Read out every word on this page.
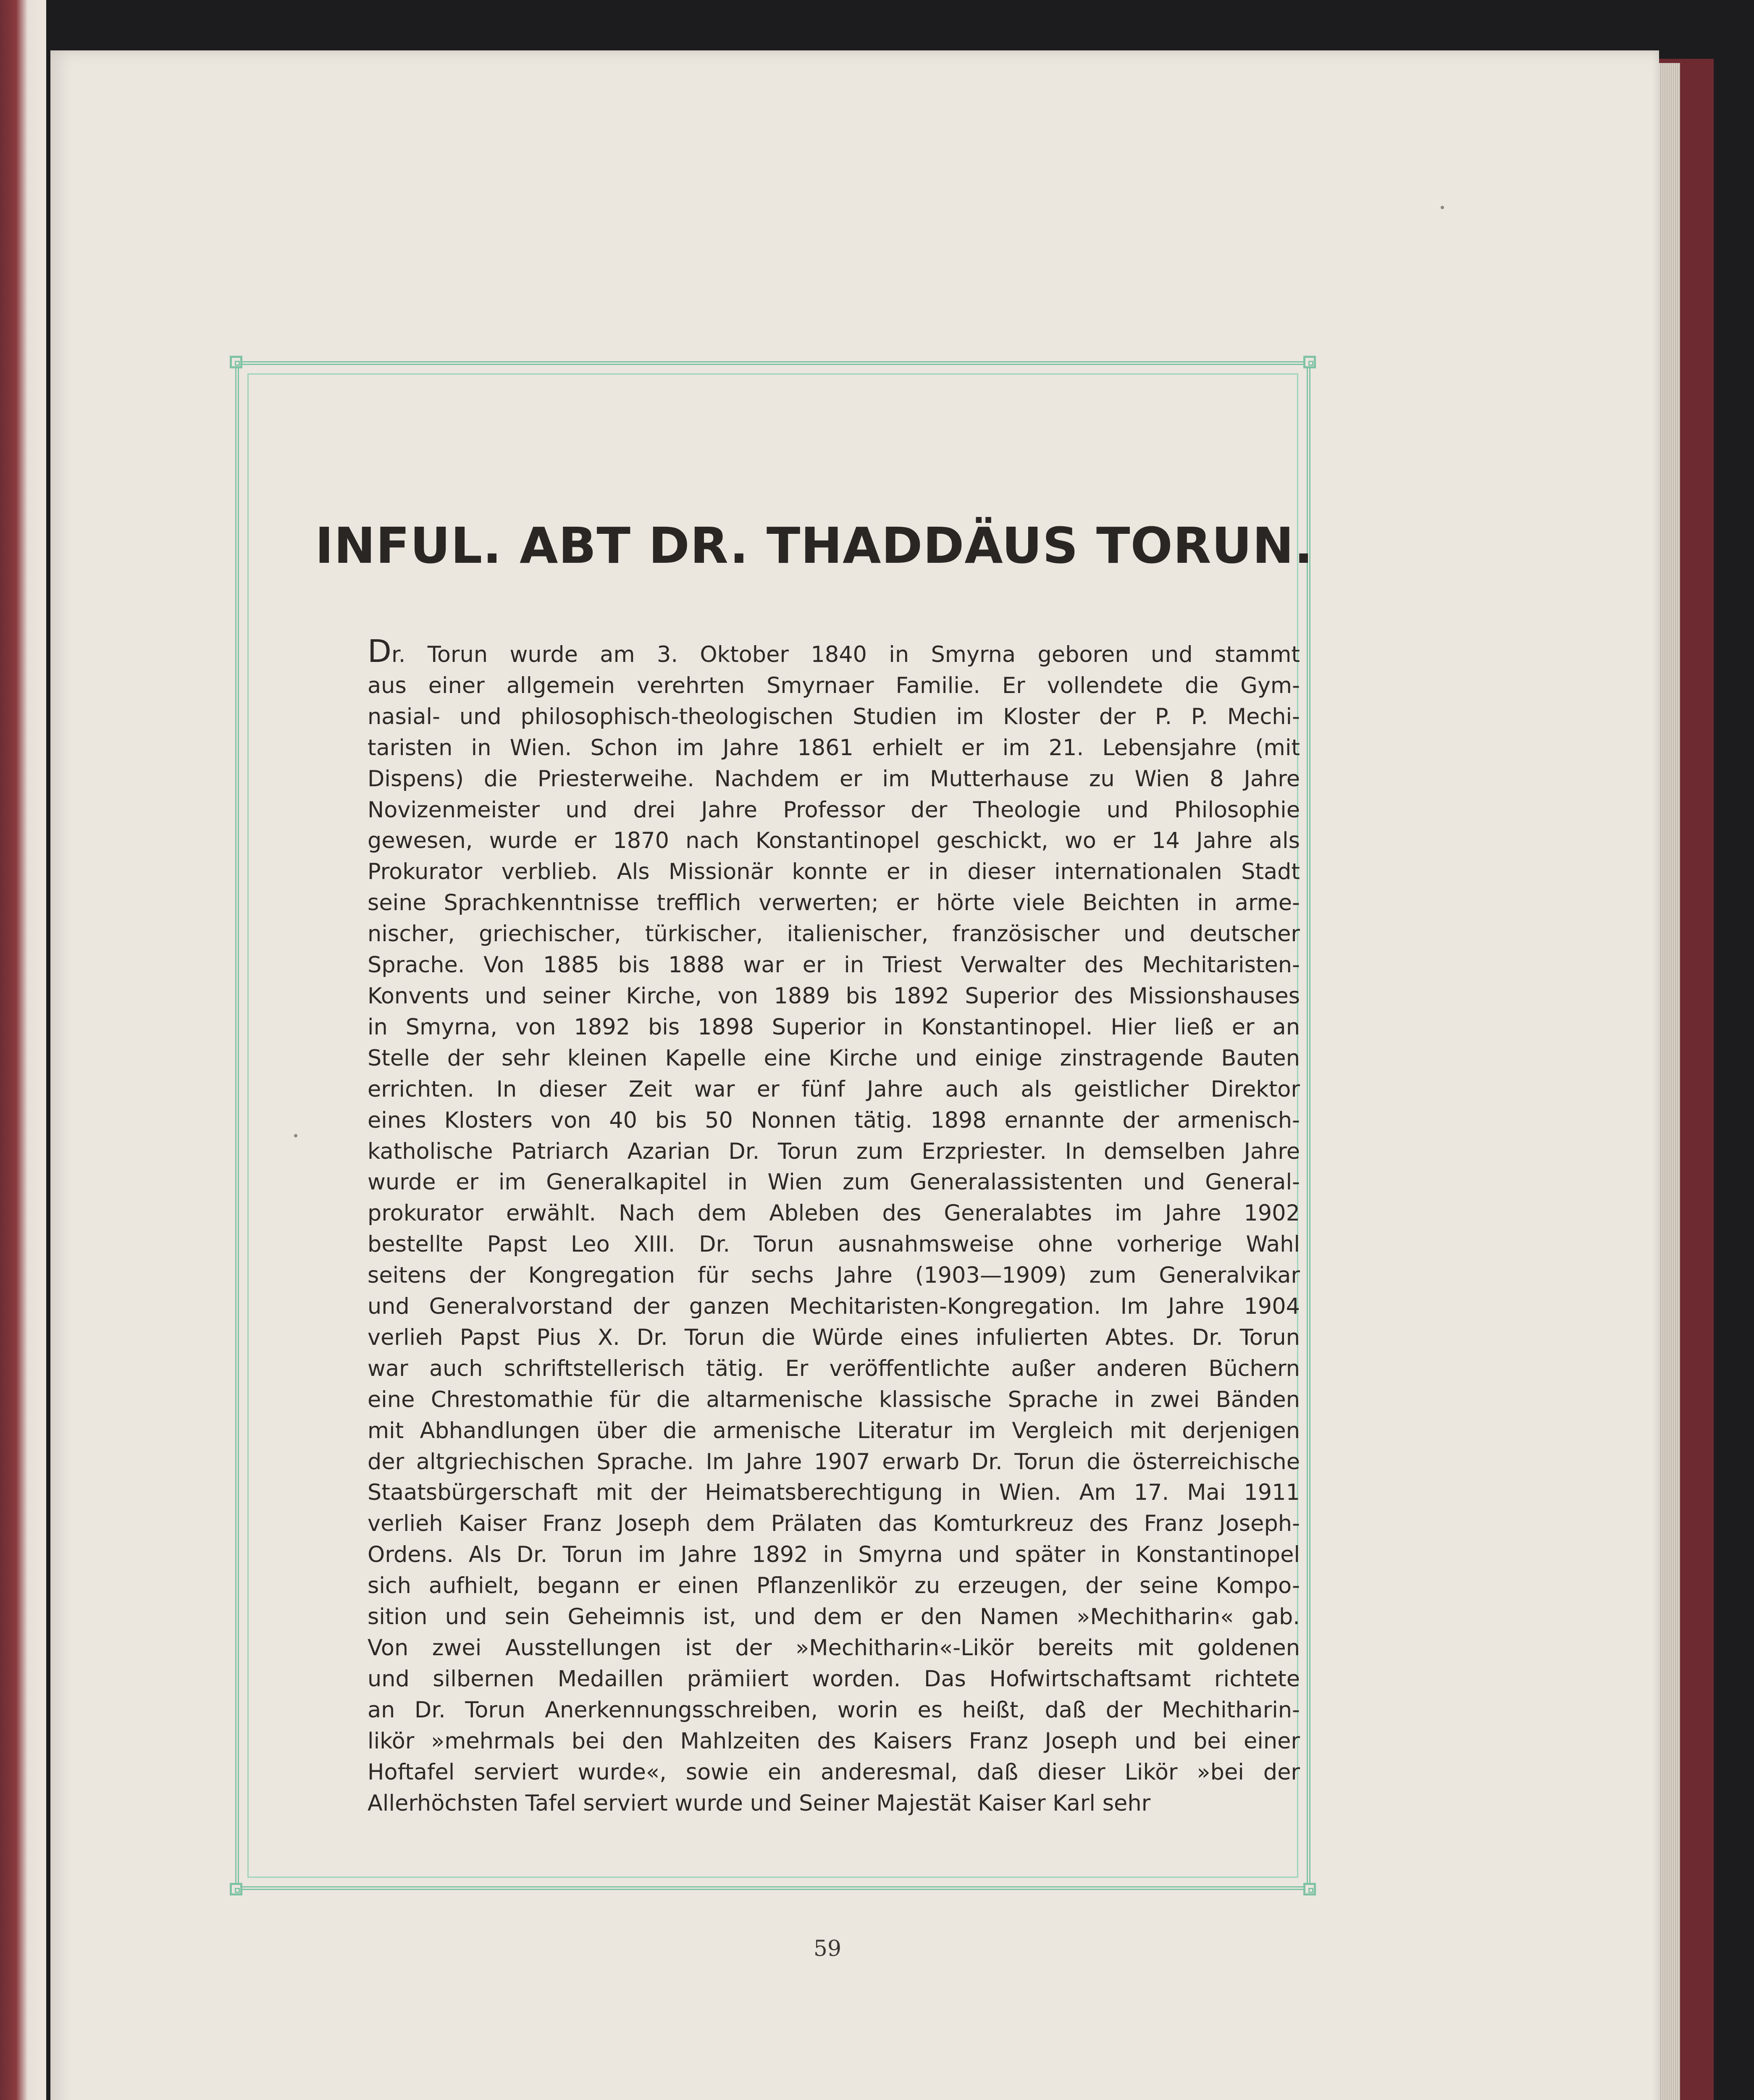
INFUL. ABT DR. THADDÄUS TORUN.
Dr. Torun wurde am 3. Oktober 1840 in Smyrna geboren und stammt
aus einer allgemein verehrten Smyrnaer Familie. Er vollendete die Gym-
nasial- und philosophisch-theologischen Studien im Kloster der P. P. Mechi-
taristen in Wien. Schon im Jahre 1861 erhielt er im 21. Lebensjahre (mit
Dispens) die Priesterweihe. Nachdem er im Mutterhause zu Wien 8 Jahre
Novizenmeister und drei Jahre Professor der Theologie und Philosophie
gewesen, wurde er 1870 nach Konstantinopel geschickt, wo er 14 Jahre als
Prokurator verblieb. Als Missionär konnte er in dieser internationalen Stadt
seine Sprachkenntnisse trefflich verwerten; er hörte viele Beichten in arme-
nischer, griechischer, türkischer, italienischer, französischer und deutscher
Sprache. Von 1885 bis 1888 war er in Triest Verwalter des Mechitaristen-
Konvents und seiner Kirche, von 1889 bis 1892 Superior des Missionshauses
in Smyrna, von 1892 bis 1898 Superior in Konstantinopel. Hier ließ er an
Stelle der sehr kleinen Kapelle eine Kirche und einige zinstragende Bauten
errichten. In dieser Zeit war er fünf Jahre auch als geistlicher Direktor
eines Klosters von 40 bis 50 Nonnen tätig. 1898 ernannte der armenisch-
katholische Patriarch Azarian Dr. Torun zum Erzpriester. In demselben Jahre
wurde er im Generalkapitel in Wien zum Generalassistenten und General-
prokurator erwählt. Nach dem Ableben des Generalabtes im Jahre 1902
bestellte Papst Leo XIII. Dr. Torun ausnahmsweise ohne vorherige Wahl
seitens der Kongregation für sechs Jahre (1903—1909) zum Generalvikar
und Generalvorstand der ganzen Mechitaristen-Kongregation. Im Jahre 1904
verlieh Papst Pius X. Dr. Torun die Würde eines infulierten Abtes. Dr. Torun
war auch schriftstellerisch tätig. Er veröffentlichte außer anderen Büchern
eine Chrestomathie für die altarmenische klassische Sprache in zwei Bänden
mit Abhandlungen über die armenische Literatur im Vergleich mit derjenigen
der altgriechischen Sprache. Im Jahre 1907 erwarb Dr. Torun die österreichische
Staatsbürgerschaft mit der Heimatsberechtigung in Wien. Am 17. Mai 1911
verlieh Kaiser Franz Joseph dem Prälaten das Komturkreuz des Franz Joseph-
Ordens. Als Dr. Torun im Jahre 1892 in Smyrna und später in Konstantinopel
sich aufhielt, begann er einen Pflanzenlikör zu erzeugen, der seine Kompo-
sition und sein Geheimnis ist, und dem er den Namen »Mechitharin« gab.
Von zwei Ausstellungen ist der »Mechitharin«-Likör bereits mit goldenen
und silbernen Medaillen prämiiert worden. Das Hofwirtschaftsamt richtete
an Dr. Torun Anerkennungsschreiben, worin es heißt, daß der Mechitharin-
likör »mehrmals bei den Mahlzeiten des Kaisers Franz Joseph und bei einer
Hoftafel serviert wurde«, sowie ein anderesmal, daß dieser Likör »bei der
Allerhöchsten Tafel serviert wurde und Seiner Majestät Kaiser Karl sehr
59
